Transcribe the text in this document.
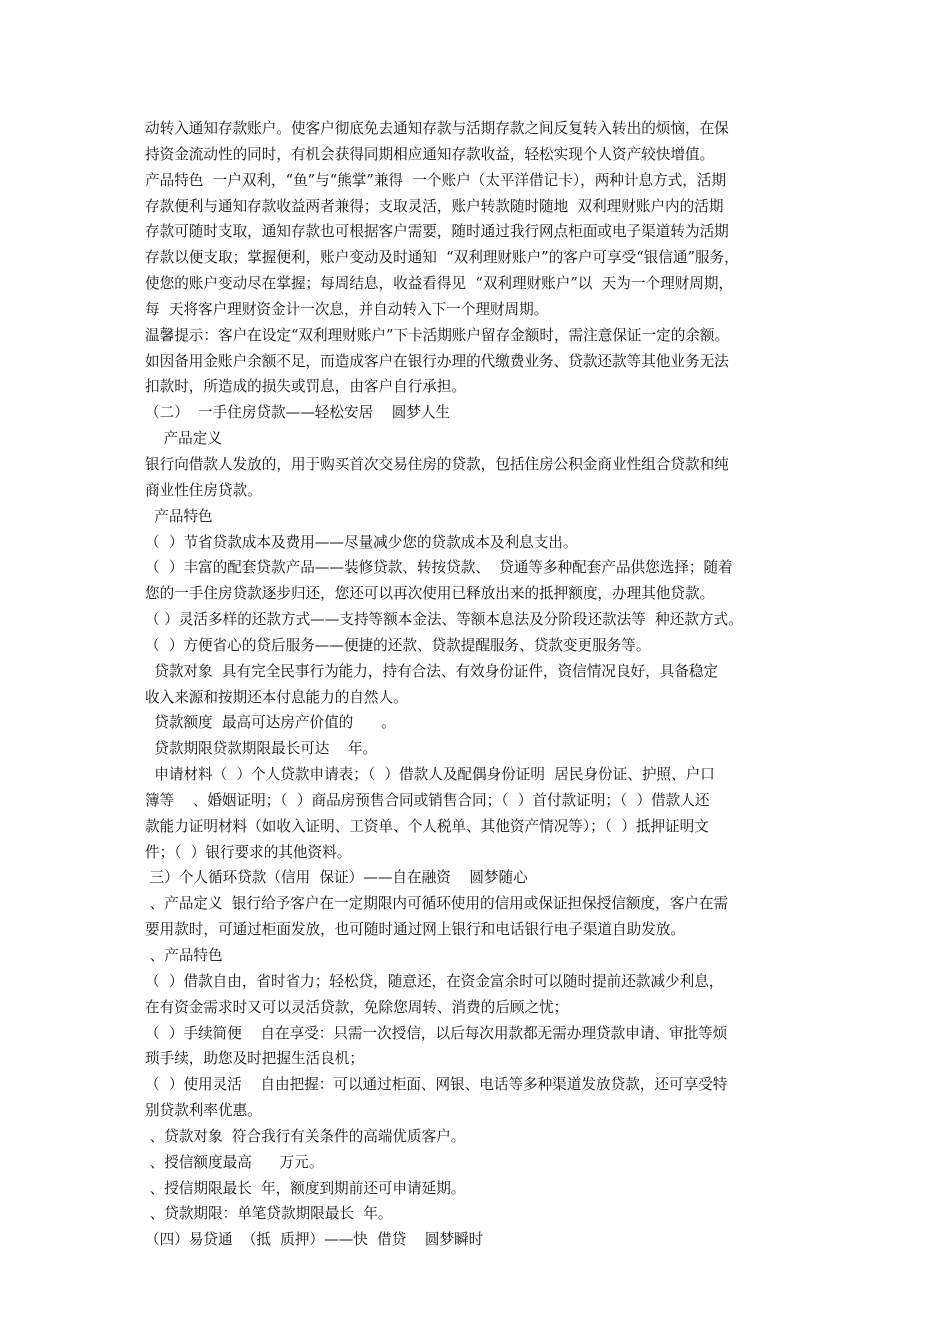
动转入通知存款账户。使客户彻底免去通知存款与活期存款之间反复转入转出的烦恼，在保
持资金流动性的同时，有机会获得同期相应通知存款收益，轻松实现个人资产较快增值。
产品特色  一户双利，“鱼”与“熊掌”兼得  一个账户（太平洋借记卡），两种计息方式，活期
存款便利与通知存款收益两者兼得；支取灵活，账户转款随时随地  双利理财账户内的活期
存款可随时支取，通知存款也可根据客户需要，随时通过我行网点柜面或电子渠道转为活期
存款以便支取；掌握便利，账户变动及时通知  “双利理财账户”的客户可享受“银信通”服务，
使您的账户变动尽在掌握；每周结息，收益看得见  “双利理财账户”以  天为一个理财周期，
每  天将客户理财资金计一次息，并自动转入下一个理财周期。
温馨提示：客户在设定“双利理财账户”下卡活期账户留存金额时，需注意保证一定的余额。
如因备用金账户余额不足，而造成客户在银行办理的代缴费业务、贷款还款等其他业务无法
扣款时，所造成的损失或罚息，由客户自行承担。
（二）  一手住房贷款——轻松安居    圆梦人生
产品定义
银行向借款人发放的，用于购买首次交易住房的贷款，包括住房公积金商业性组合贷款和纯
商业性住房贷款。
产品特色
（  ）节省贷款成本及费用——尽量减少您的贷款成本及利息支出。
（  ）丰富的配套贷款产品——装修贷款、转按贷款、  贷通等多种配套产品供您选择；随着
您的一手住房贷款逐步归还，您还可以再次使用已释放出来的抵押额度，办理其他贷款。
（ ）灵活多样的还款方式——支持等额本金法、等额本息法及分阶段还款法等  种还款方式。
（  ）方便省心的贷后服务——便捷的还款、贷款提醒服务、贷款变更服务等。
贷款对象  具有完全民事行为能力，持有合法、有效身份证件，资信情况良好，具备稳定
收入来源和按期还本付息能力的自然人。
贷款额度  最高可达房产价值的      。
贷款期限贷款期限最长可达    年。
申请材料（  ）个人贷款申请表；（  ）借款人及配偶身份证明  居民身份证、护照、户口
簿等    、婚姻证明；（  ）商品房预售合同或销售合同；（  ）首付款证明；（  ）借款人还
款能力证明材料（如收入证明、工资单、个人税单、其他资产情况等）；（  ）抵押证明文
件；（  ）银行要求的其他资料。
三）个人循环贷款（信用  保证）——自在融资    圆梦随心
、产品定义  银行给予客户在一定期限内可循环使用的信用或保证担保授信额度，客户在需
要用款时，可通过柜面发放，也可随时通过网上银行和电话银行电子渠道自助发放。
、产品特色
（  ）借款自由，省时省力；轻松贷，随意还，在资金富余时可以随时提前还款减少利息，
在有资金需求时又可以灵活贷款，免除您周转、消费的后顾之忧；
（  ）手续简便    自在享受：只需一次授信，以后每次用款都无需办理贷款申请、审批等烦
琐手续，助您及时把握生活良机；
（  ）使用灵活    自由把握：可以通过柜面、网银、电话等多种渠道发放贷款，还可享受特
别贷款利率优惠。
、贷款对象  符合我行有关条件的高端优质客户。
、授信额度最高      万元。
、授信期限最长  年，额度到期前还可申请延期。
、贷款期限：单笔贷款期限最长  年。
（四）易贷通  （抵  质押）——快  借贷    圆梦瞬时
